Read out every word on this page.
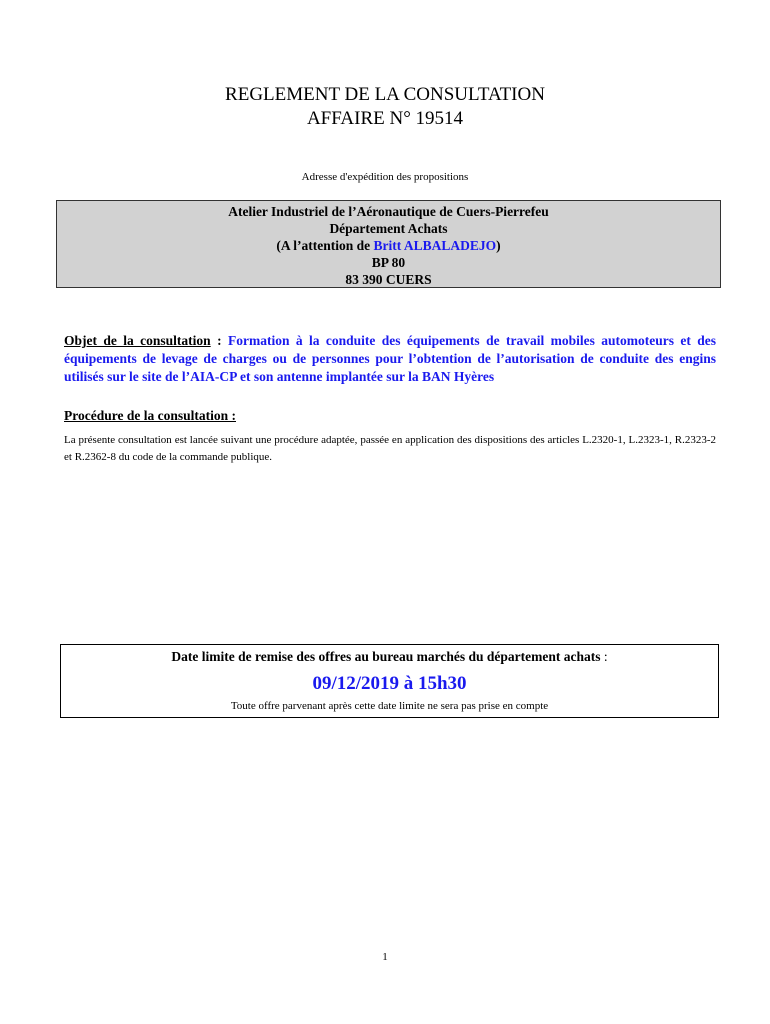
REGLEMENT DE LA CONSULTATION
AFFAIRE N° 19514
Adresse d'expédition des propositions
Atelier Industriel de l’Aéronautique de Cuers-Pierrefeu
Département Achats
(A l’attention de Britt ALBALADEJO)
BP 80
83 390 CUERS
Objet de la consultation : Formation à la conduite des équipements de travail mobiles automoteurs et des équipements de levage de charges ou de personnes pour l’obtention de l’autorisation de conduite des engins utilisés sur le site de l’AIA-CP et son antenne implantée sur la BAN Hyères
Procédure de la consultation :
La présente consultation est lancée suivant une procédure adaptée, passée en application des dispositions des articles L.2320-1, L.2323-1, R.2323-2 et R.2362-8 du code de la commande publique.
Date limite de remise des offres au bureau marchés du département achats :
09/12/2019 à 15h30
Toute offre parvenant après cette date limite ne sera pas prise en compte
1
